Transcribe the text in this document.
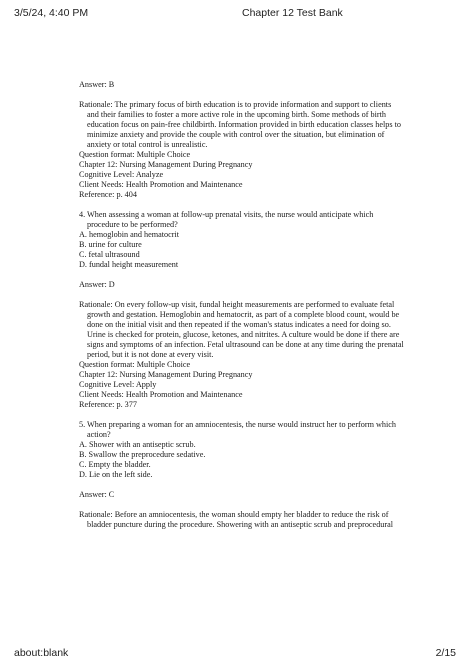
3/5/24, 4:40 PM	Chapter 12 Test Bank

Answer: B

Rationale: The primary focus of birth education is to provide information and support to clients

and their families to foster a more active role in the upcoming birth. Some methods of birth

education focus on pain-free childbirth. Information provided in birth education classes helps to

minimize anxiety and provide the couple with control over the situation, but elimination of

anxiety or total control is unrealistic.

Question format: Multiple Choice

Chapter 12: Nursing Management During Pregnancy

Cognitive Level: Analyze

Client Needs: Health Promotion and Maintenance

Reference: p. 404

4. When assessing a woman at follow-up prenatal visits, the nurse would anticipate which

procedure to be performed?

A. hemoglobin and hematocrit

B. urine for culture

C. fetal ultrasound

D. fundal height measurement

Answer: D

Rationale: On every follow-up visit, fundal height measurements are performed to evaluate fetal

growth and gestation. Hemoglobin and hematocrit, as part of a complete blood count, would be

done on the initial visit and then repeated if the woman's status indicates a need for doing so.

Urine is checked for protein, glucose, ketones, and nitrites. A culture would be done if there are

signs and symptoms of an infection. Fetal ultrasound can be done at any time during the prenatal

period, but it is not done at every visit.

Question format: Multiple Choice

Chapter 12: Nursing Management During Pregnancy

Cognitive Level: Apply

Client Needs: Health Promotion and Maintenance

Reference: p. 377

5. When preparing a woman for an amniocentesis, the nurse would instruct her to perform which

action?

A. Shower with an antiseptic scrub.

B. Swallow the preprocedure sedative.

C. Empty the bladder.

D. Lie on the left side.

Answer: C

Rationale: Before an amniocentesis, the woman should empty her bladder to reduce the risk of

bladder puncture during the procedure. Showering with an antiseptic scrub and preprocedural

about:blank	2/15
